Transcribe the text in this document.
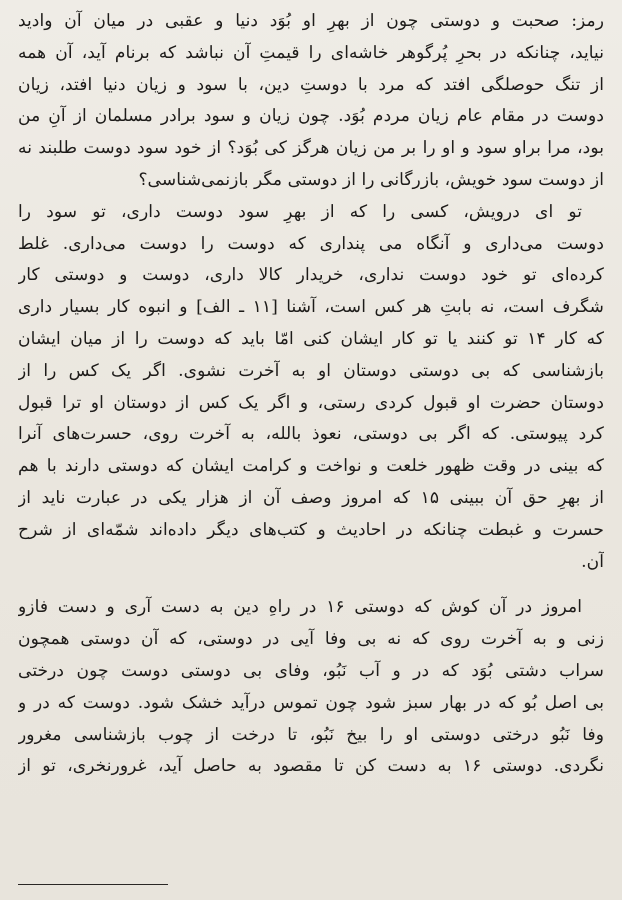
رمز: صحبت و دوستی چون از بهرِ او بُوَد دنیا و عقبی در میان آن وادید
نیاید، چنانکه در بحرِ پُرگوهر خاشه‌ای را قیمتِ آن نباشد که برنام آید، آن همه
از تنگ حوصلگی افتد که مرد با دوستِ دین، با سود و زیان دنیا افتد، زیان
دوست در مقام عام زیان مردم بُوَد. چون زیان و سود برادر مسلمان از آنِ من
بود، مرا براو سود و او را بر من زیان هرگز کی بُوَد؟ از خود سود دوست طلبند نه
از دوست سود خویش، بازرگانی را از دوستی مگر بازنمی‌شناسی؟
تو ای درویش، کسی را که از بهرِ سود دوست داری، تو سود را
دوست می‌داری و آنگاه می پنداری که دوست را دوست می‌داری. غلط
کرده‌ای تو خود دوست نداری، خریدار کالا داری، دوست و دوستی کار
شگرف است، نه بابتِ هر کس است، آشنا [۱۱ ـ الف] و انبوه کار بسیار داری
که کار ۱۴ تو کنند یا تو کار ایشان کنی امّا باید که دوست را از میان ایشان
بازشناسی که بی دوستی دوستان او به آخرت نشوی. اگر یک کس را از
دوستان حضرت او قبول کردی رستی، و اگر یک کس از دوستان او ترا قبول
کرد پیوستی. که اگر بی دوستی، نعوذ بالله، به آخرت روی، حسرت‌های آنرا
که بینی در وقت ظهور خلعت و نواخت و کرامت ایشان که دوستی دارند با هم
از بهرِ حق آن ببینی ۱۵ که امروز وصف آن از هزار یکی در عبارت ناید از
حسرت و غبطت چنانکه در احادیث و کتب‌های دیگر داده‌اند شمّه‌ای از شرح
آن.
امروز در آن کوش که دوستی ۱۶ در راهِ دین به دست آری و دست فازو
زنی و به آخرت روی که نه بی وفا آیی در دوستی، که آن دوستی همچون
سراب دشتی بُوَد که در و آب نَبُو، وفای بی دوستی دوست چون درختی
بی اصل بُو که در بهار سبز شود چون تموس درآید خشک شود. دوست که در و
وفا نَبُو درختی دوستی او را بیخ نَبُو، تا درخت از چوب بازشناسی مغرور
نگردی. دوستی ۱۶ به دست کن تا مقصود به حاصل آید، غرورنخری، تو از
